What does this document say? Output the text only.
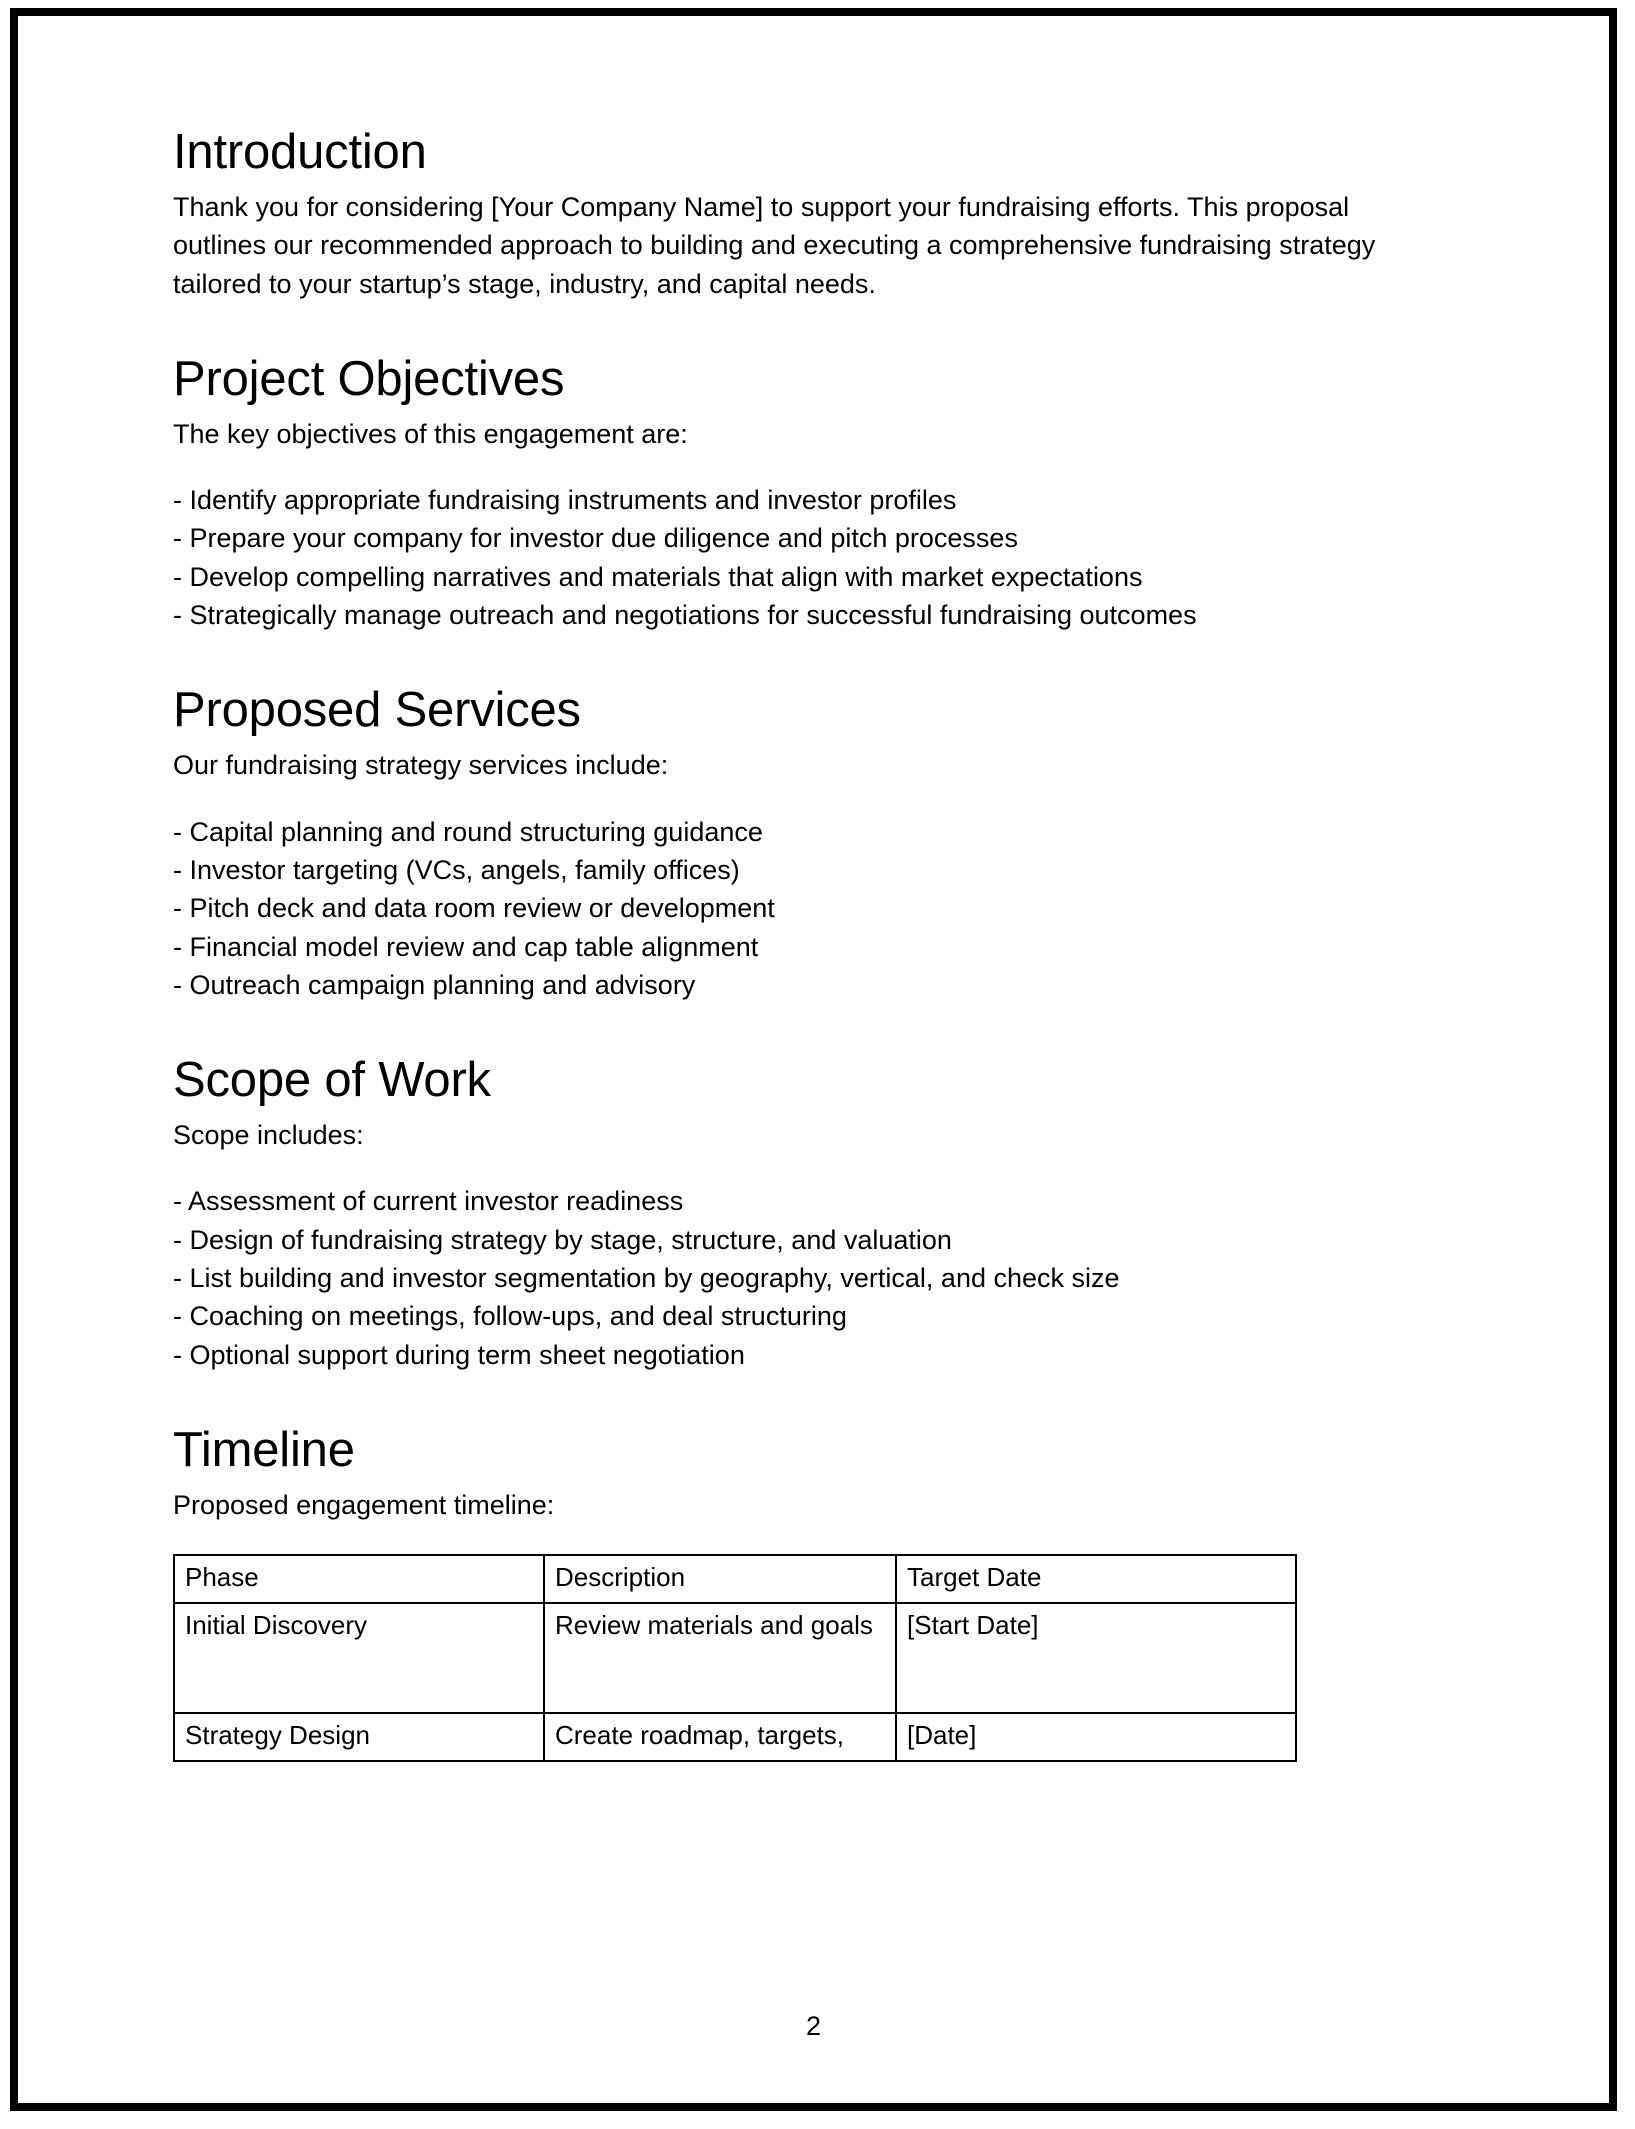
Introduction

Thank you for considering [Your Company Name] to support your fundraising efforts. This proposal outlines our recommended approach to building and executing a comprehensive fundraising strategy tailored to your startup’s stage, industry, and capital needs.

Project Objectives

The key objectives of this engagement are:

- Identify appropriate fundraising instruments and investor profiles
- Prepare your company for investor due diligence and pitch processes
- Develop compelling narratives and materials that align with market expectations
- Strategically manage outreach and negotiations for successful fundraising outcomes
Proposed Services

Our fundraising strategy services include:

- Capital planning and round structuring guidance
- Investor targeting (VCs, angels, family offices)
- Pitch deck and data room review or development
- Financial model review and cap table alignment
- Outreach campaign planning and advisory
Scope of Work

Scope includes:

- Assessment of current investor readiness
- Design of fundraising strategy by stage, structure, and valuation
- List building and investor segmentation by geography, vertical, and check size
- Coaching on meetings, follow-ups, and deal structuring
- Optional support during term sheet negotiation
Timeline

Proposed engagement timeline:

Phase	Description	Target Date
Initial Discovery	Review materials and goals	[Start Date]
Strategy Design	Create roadmap, targets,	[Date]
2
